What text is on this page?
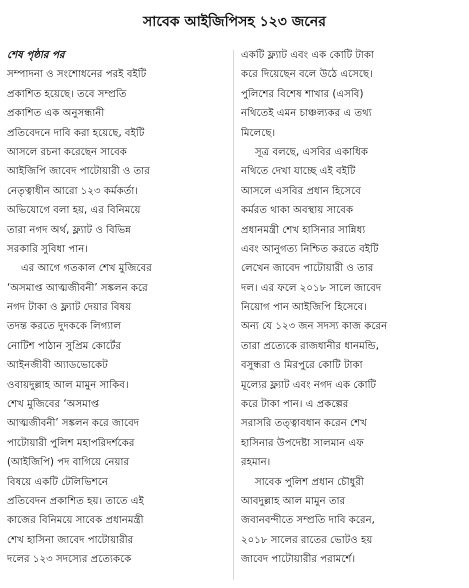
সাবেক আইজিপিসহ ১২৩ জনের
শেষ পৃষ্ঠার পর
সম্পাদনা ও সংশোধনের পরই বইটি
প্রকাশিত হয়েছে। তবে সম্প্রতি
প্রকাশিত এক অনুসন্ধানী
প্রতিবেদনে দাবি করা হয়েছে, বইটি
আসলে রচনা করেছেন সাবেক
আইজিপি জাবেদ পাটোয়ারী ও তার
নেতৃত্বাধীন আরো ১২৩ কর্মকর্তা।
অভিযোগে বলা হয়, এর বিনিময়ে
তারা নগদ অর্থ, ফ্ল্যাট ও বিভিন্ন
সরকারি সুবিধা পান।
এর আগে গতকাল শেখ মুজিবের
‘অসমাপ্ত আত্মজীবনী’ সঙ্কলন করে
নগদ টাকা ও ফ্ল্যাট দেয়ার বিষয়
তদন্ত করতে দুদককে লিগ্যাল
নোটিশ পাঠান সুপ্রিম কোর্টের
আইনজীবী অ্যাডভোকেট
ওবায়দুল্লাহ আল মামুন সাকিব।
শেখ মুজিবের ‘অসমাপ্ত
আত্মজীবনী’ সঙ্কলন করে জাবেদ
পাটোয়ারী পুলিশ মহাপরিদর্শকের
(আইজিপি) পদ বাগিয়ে নেয়ার
বিষয়ে একটি টেলিভিশনে
প্রতিবেদন প্রকাশিত হয়। তাতে এই
কাজের বিনিময়ে সাবেক প্রধানমন্ত্রী
শেখ হাসিনা জাবেদ পাটোয়ারীর
দলের ১২৩ সদস্যের প্রত্যেককে
একটি ফ্ল্যাট এবং এক কোটি টাকা
করে দিয়েছেন বলে উঠে এসেছে।
পুলিশের বিশেষ শাখার (এসবি)
নথিতেই এমন চাঞ্চল্যকর এ তথ্য
মিলেছে।
সূত্র বলছে, এসবির একাধিক
নথিতে দেখা যাচ্ছে এই বইটি
আসলে এসবির প্রধান হিসেবে
কর্মরত থাকা অবস্থায় সাবেক
প্রধানমন্ত্রী শেখ হাসিনার সান্নিধ্য
এবং আনুগত্য নিশ্চিত করতে বইটি
লেখেন জাবেদ পাটোয়ারী ও তার
দল। এর ফলে ২০১৮ সালে জাবেদ
নিয়োগ পান আইজিপি হিসেবে।
অন্য যে ১২৩ জন সদস্য কাজ করেন
তারা প্রত্যেকে রাজধানীর ধানমন্ডি,
বসুন্ধরা ও মিরপুরে কোটি টাকা
মূল্যের ফ্ল্যাট এবং নগদ এক কোটি
করে টাকা পান। এ প্রকল্পের
সরাসরি তত্ত্বাবধান করেন শেখ
হাসিনার উপদেষ্টা সালমান এফ
রহমান।
সাবেক পুলিশ প্রধান চৌধুরী
আবদুল্লাহ আল মামুন তার
জবানবন্দীতে সম্প্রতি দাবি করেন,
২০১৮ সালের রাতের ভোটও হয়
জাবেদ পাটোয়ারীর পরামর্শে।
